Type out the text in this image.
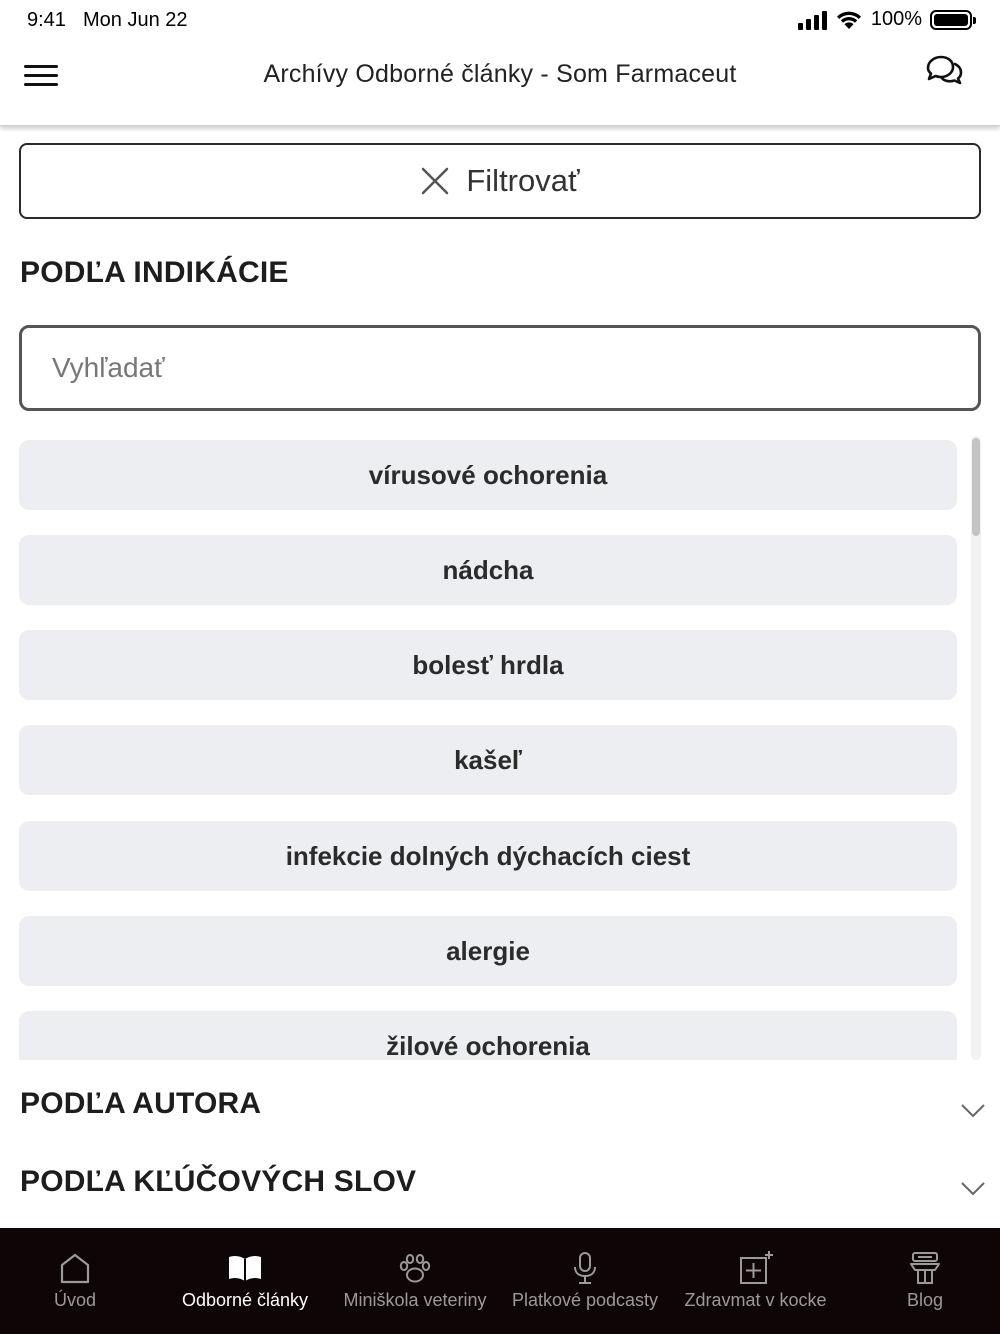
9:41 Mon Jun 22	100%
Archívy Odborné články - Som Farmaceut
Filtrovať
PODĽA INDIKÁCIE
Vyhľadať
vírusové ochorenia
nádcha
bolesť hrdla
kašeľ
infekcie dolných dýchacích ciest
alergie
žilové ochorenia
PODĽA AUTORA
PODĽA KĽÚČOVÝCH SLOV
Úvod	Odborné články Miniškola veteriny Platkové podcasty Zdravmat v kocke	Blog
